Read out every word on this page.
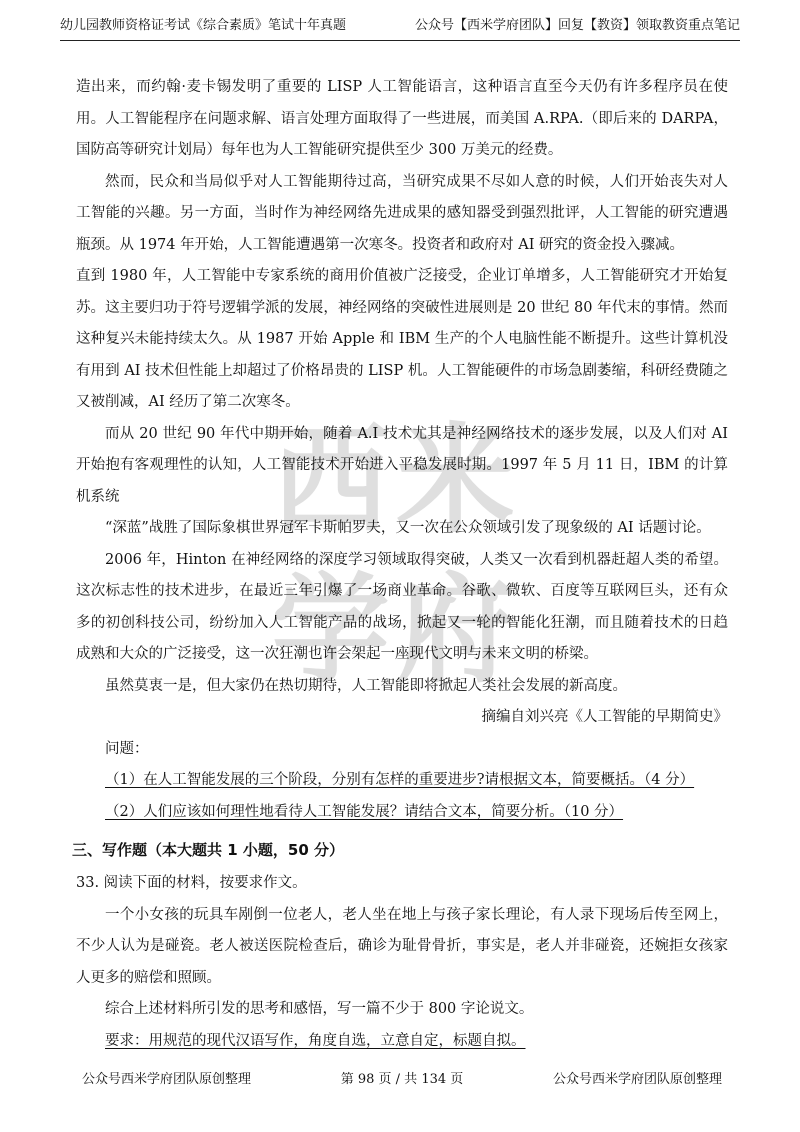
幼儿园教师资格证考试《综合素质》笔试十年真题	公众号【西米学府团队】回复【教资】领取教资重点笔记

造出来，而约翰·麦卡锡发明了重要的 LISP 人工智能语言，这种语言直至今天仍有许多程序员在使用。人工智能程序在问题求解、语言处理方面取得了一些进展，而美国 A.RPA.（即后来的 DARPA，国防高等研究计划局）每年也为人工智能研究提供至少 300 万美元的经费。

然而，民众和当局似乎对人工智能期待过高，当研究成果不尽如人意的时候，人们开始丧失对人工智能的兴趣。另一方面，当时作为神经网络先进成果的感知器受到强烈批评，人工智能的研究遭遇瓶颈。从 1974 年开始，人工智能遭遇第一次寒冬。投资者和政府对 AI 研究的资金投入骤减。

直到 1980 年，人工智能中专家系统的商用价值被广泛接受，企业订单增多，人工智能研究才开始复苏。这主要归功于符号逻辑学派的发展，神经网络的突破性进展则是 20 世纪 80 年代末的事情。然而这种复兴未能持续太久。从 1987 开始 Apple 和 IBM 生产的个人电脑性能不断提升。这些计算机没有用到 AI 技术但性能上却超过了价格昂贵的 LISP 机。人工智能硬件的市场急剧萎缩，科研经费随之又被削减，AI 经历了第二次寒冬。

而从 20 世纪 90 年代中期开始，随着 A.I 技术尤其是神经网络技术的逐步发展，以及人们对 AI 开始抱有客观理性的认知，人工智能技术开始进入平稳发展时期。1997 年 5 月 11 日，IBM 的计算机系统

“深蓝”战胜了国际象棋世界冠军卡斯帕罗夫，又一次在公众领域引发了现象级的 AI 话题讨论。

2006 年，Hinton 在神经网络的深度学习领域取得突破，人类又一次看到机器赶超人类的希望。这次标志性的技术进步，在最近三年引爆了一场商业革命。谷歌、微软、百度等互联网巨头，还有众多的初创科技公司，纷纷加入人工智能产品的战场，掀起又一轮的智能化狂潮，而且随着技术的日趋成熟和大众的广泛接受，这一次狂潮也许会架起一座现代文明与未来文明的桥梁。

虽然莫衷一是，但大家仍在热切期待，人工智能即将掀起人类社会发展的新高度。

摘编自刘兴亮《人工智能的早期简史》

问题：

（1）在人工智能发展的三个阶段，分别有怎样的重要进步?请根据文本，简要概括。（4 分）

（2）人们应该如何理性地看待人工智能发展？请结合文本，简要分析。（10 分）

三、写作题（本大题共 1 小题，50 分）

33. 阅读下面的材料，按要求作文。

一个小女孩的玩具车剐倒一位老人，老人坐在地上与孩子家长理论，有人录下现场后传至网上，不少人认为是碰瓷。老人被送医院检查后，确诊为耻骨骨折，事实是，老人并非碰瓷，还婉拒女孩家人更多的赔偿和照顾。

综合上述材料所引发的思考和感悟，写一篇不少于 800 字论说文。

要求：用规范的现代汉语写作，角度自选，立意自定，标题自拟。

西 米
学 府
公众号西米学府团队原创整理	第 98 页 / 共 134 页	公众号西米学府团队原创整理
